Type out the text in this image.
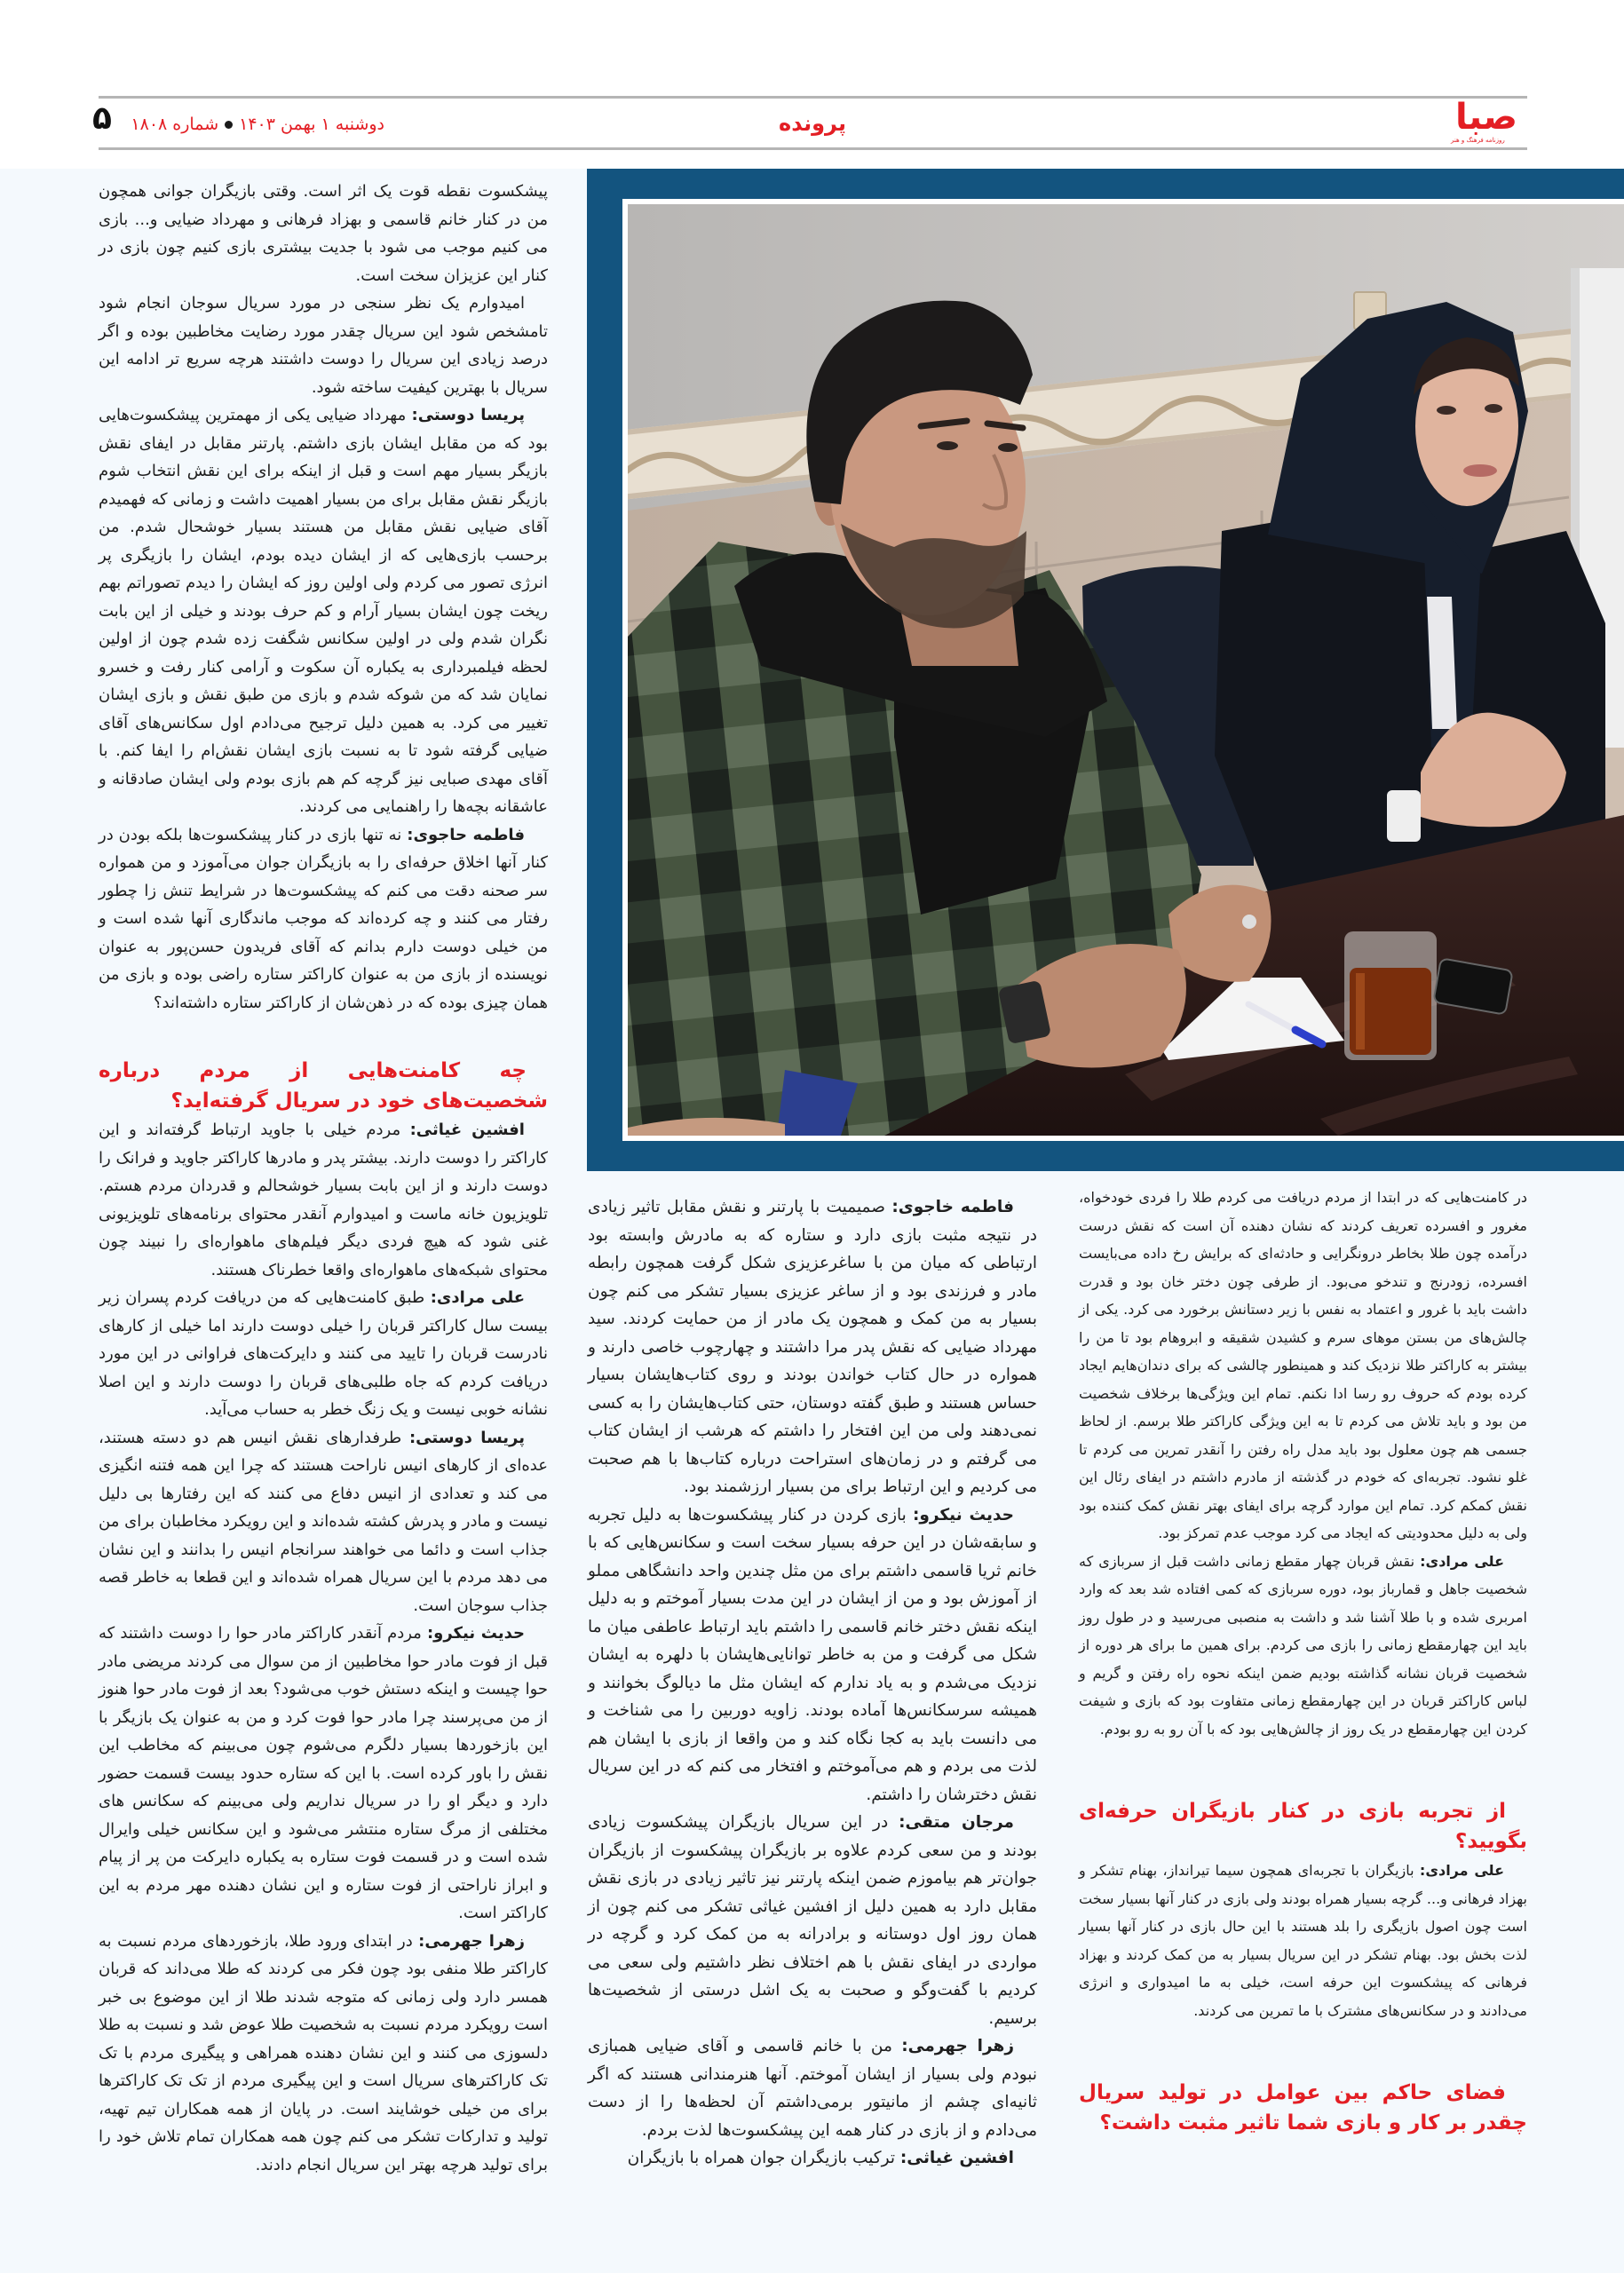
صبا
روزنامه فرهنگ و هنر
پرونده
دوشنبه ۱ بهمن ۱۴۰۳شماره ۱۸۰۸
۵

پیشکسوت نقطه قوت یک اثر است. وقتی بازیگران جوانی همچون من در کنار خانم قاسمی و بهزاد فرهانی و مهرداد ضیایی و... بازی می کنیم موجب می شود با جدیت بیشتری بازی کنیم چون بازی در کنار این عزیزان سخت است.

امیدوارم یک نظر سنجی در مورد سریال سوجان انجام شود تامشخص شود این سریال چقدر مورد رضایت مخاطبین بوده و اگر درصد زیادی این سریال را دوست داشتند هرچه سریع تر ادامه این سریال با بهترین کیفیت ساخته شود.

پریسا دوستی: مهرداد ضیایی یکی از مهمترین پیشکسوت‌هایی بود که من مقابل ایشان بازی داشتم. پارتنر مقابل در ایفای نقش بازیگر بسیار مهم است و قبل از اینکه برای این نقش انتخاب شوم بازیگر نقش مقابل برای من بسیار اهمیت داشت و زمانی که فهمیدم آقای ضیایی نقش مقابل من هستند بسیار خوشحال شدم. من برحسب بازی‌هایی که از ایشان دیده بودم، ایشان را بازیگری پر انرژی تصور می کردم ولی اولین روز که ایشان را دیدم تصوراتم بهم ریخت چون ایشان بسیار آرام و کم حرف بودند و خیلی از این بابت نگران شدم ولی در اولین سکانس شگفت زده شدم چون از اولین لحظه فیلمبرداری به یکباره آن سکوت و آرامی کنار رفت و خسرو نمایان شد که من شوکه شدم و بازی من طبق نقش و بازی ایشان تغییر می کرد. به همین دلیل ترجیح می‌دادم اول سکانس‌های آقای ضیایی گرفته شود تا به نسبت بازی ایشان نقش‌ام را ایفا کنم. با آقای مهدی صبایی نیز گرچه کم هم بازی بودم ولی ایشان صادقانه و عاشقانه بچه‌ها را راهنمایی می کردند.

فاطمه حاجوی: نه تنها بازی در کنار پیشکسوت‌ها بلکه بودن در کنار آنها اخلاق حرفه‌ای را به بازیگران جوان می‌آموزد و من همواره سر صحنه دقت می کنم که پیشکسوت‌ها در شرایط تنش زا چطور رفتار می کنند و چه کرده‌اند که موجب ماندگاری آنها شده است و من خیلی دوست دارم بدانم که آقای فریدون حسن‌پور به عنوان نویسنده از بازی من به عنوان کاراکتر ستاره راضی بوده و بازی من همان چیزی بوده که در ذهن‌شان از کاراکتر ستاره داشته‌اند؟

چه کامنت‌هایی از مردم درباره شخصیت‌های خود در سریال گرفته‌اید؟

افشین غیاثی: مردم خیلی با جاوید ارتباط گرفته‌اند و این کاراکتر را دوست دارند. بیشتر پدر و مادرها کاراکتر جاوید و فرانک را دوست دارند و از این بابت بسیار خوشحالم و قدردان مردم هستم. تلویزیون خانه ماست و امیدوارم آنقدر محتوای برنامه‌های تلویزیونی غنی شود که هیچ فردی دیگر فیلم‌های ماهواره‌ای را نبیند چون محتوای شبکه‌های ماهواره‌ای واقعا خطرناک هستند.

علی مرادی: طبق کامنت‌هایی که من دریافت کردم پسران زیر بیست سال کاراکتر قربان را خیلی دوست دارند اما خیلی از کارهای نادرست قربان را تایید می کنند و دایرکت‌های فراوانی در این مورد دریافت کردم که جاه طلبی‌های قربان را دوست دارند و این اصلا نشانه خوبی نیست و یک زنگ خطر به حساب می‌آید.

پریسا دوستی: طرفدارهای نقش انیس هم دو دسته هستند، عده‌ای از کارهای انیس ناراحت هستند که چرا این همه فتنه انگیزی می کند و تعدادی از انیس دفاع می کنند که این رفتارها بی دلیل نیست و مادر و پدرش کشته شده‌اند و این رویکرد مخاطبان برای من جذاب است و دائما می خواهند سرانجام انیس را بدانند و این نشان می دهد مردم با این سریال همراه شده‌اند و این قطعا به خاطر قصه جذاب سوجان است.

حدیث نیکرو: مردم آنقدر کاراکتر مادر حوا را دوست داشتند که قبل از فوت مادر حوا مخاطبین از من سوال می کردند مریضی مادر حوا چیست و اینکه دستش خوب می‌شود؟ بعد از فوت مادر حوا هنوز از من می‌پرسند چرا مادر حوا فوت کرد و من به عنوان یک بازیگر با این بازخوردها بسیار دلگرم می‌شوم چون می‌بینم که مخاطب این نقش را باور کرده است. با این که ستاره حدود بیست قسمت حضور دارد و دیگر او را در سریال نداریم ولی می‌بینم که سکانس های مختلفی از مرگ ستاره منتشر می‌شود و این سکانس خیلی وایرال شده است و در قسمت فوت ستاره به یکباره دایرکت من پر از پیام و ابراز ناراحتی از فوت ستاره و این نشان دهنده مهر مردم به این کاراکتر است.

زهرا جهرمی: در ابتدای ورود طلا، بازخوردهای مردم نسبت به کاراکتر طلا منفی بود چون فکر می کردند که طلا می‌داند که قربان همسر دارد ولی زمانی که متوجه شدند طلا از این موضوع بی خبر است رویکرد مردم نسبت به شخصیت طلا عوض شد و نسبت به طلا دلسوزی می کنند و این نشان دهنده همراهی و پیگیری مردم با تک تک کاراکترهای سریال است و این پیگیری مردم از تک تک کاراکترها برای من خیلی خوشایند است. در پایان از همه همکاران تیم تهیه، تولید و تدارکات تشکر می کنم چون همه همکاران تمام تلاش خود را برای تولید هرچه بهتر این سریال انجام دادند.

فاطمه خاجوی: صمیمیت با پارتنر و نقش مقابل تاثیر زیادی در نتیجه مثبت بازی دارد و ستاره که به مادرش وابسته بود ارتباطی که میان من با ساغرعزیزی شکل گرفت همچون رابطه مادر و فرزندی بود و از ساغر عزیزی بسیار تشکر می کنم چون بسیار به من کمک و همچون یک مادر از من حمایت کردند. سید مهرداد ضیایی که نقش پدر مرا داشتند و چهارچوب خاصی دارند و همواره در حال کتاب خواندن بودند و روی کتاب‌هایشان بسیار حساس هستند و طبق گفته دوستان، حتی کتاب‌هایشان را به کسی نمی‌دهند ولی من این افتخار را داشتم که هرشب از ایشان کتاب می گرفتم و در زمان‌های استراحت درباره کتاب‌ها با هم صحبت می کردیم و این ارتباط برای من بسیار ارزشمند بود.

حدیث نیکرو: بازی کردن در کنار پیشکسوت‌ها به دلیل تجربه و سابقه‌شان در این حرفه بسیار سخت است و سکانس‌هایی که با خانم ثریا قاسمی داشتم برای من مثل چندین واحد دانشگاهی مملو از آموزش بود و من از ایشان در این مدت بسیار آموختم و به دلیل اینکه نقش دختر خانم قاسمی را داشتم باید ارتباط عاطفی میان ما شکل می گرفت و من به خاطر توانایی‌هایشان با دلهره به ایشان نزدیک می‌شدم و به یاد ندارم که ایشان مثل ما دیالوگ بخوانند و همیشه سرسکانس‌ها آماده بودند. زاویه دوربین را می شناخت و می دانست باید به کجا نگاه کند و من واقعا از بازی با ایشان هم لذت می بردم و هم می‌آموختم و افتخار می کنم که در این سریال نقش دخترشان را داشتم.

مرجان متقی: در این سریال بازیگران پیشکسوت زیادی بودند و من سعی کردم علاوه بر بازیگران پیشکسوت از بازیگران جوان‌تر هم بیاموزم ضمن اینکه پارتنر نیز تاثیر زیادی در بازی نقش مقابل دارد به همین دلیل از افشین غیاثی تشکر می کنم چون از همان روز اول دوستانه و برادرانه به من کمک کرد و گرچه در مواردی در ایفای نقش با هم اختلاف نظر داشتیم ولی سعی می کردیم با گفت‌وگو و صحبت به یک اشل درستی از شخصیت‌ها برسیم.

زهرا جهرمی: من با خانم قاسمی و آقای ضیایی همبازی نبودم ولی بسیار از ایشان آموختم. آنها هنرمندانی هستند که اگر ثانیه‌ای چشم از مانیتور برمی‌داشتم آن لحظه‌ها را از دست می‌دادم و از بازی در کنار همه این پیشکسوت‌ها لذت بردم.

افشین غیاثی: ترکیب بازیگران جوان همراه با بازیگران

در کامنت‌هایی که در ابتدا از مردم دریافت می کردم طلا را فردی خودخواه، مغرور و افسرده تعریف کردند که نشان دهنده آن است که نقش درست درآمده چون طلا بخاطر درونگرایی و حادثه‌ای که برایش رخ داده می‌بایست افسرده، زودرنج و تندخو می‌بود. از طرفی چون دختر خان بود و قدرت داشت باید با غرور و اعتماد به نفس با زیر دستانش برخورد می کرد. یکی از چالش‌های من بستن موهای سرم و کشیدن شقیقه و ابروهام بود تا من را بیشتر به کاراکتر طلا نزدیک کند و همینطور چالشی که برای دندان‌هایم ایجاد کرده بودم که حروف رو رسا ادا نکنم. تمام این ویژگی‌ها برخلاف شخصیت من بود و باید تلاش می کردم تا به این ویژگی کاراکتر طلا برسم. از لحاظ جسمی هم چون معلول بود باید مدل راه رفتن را آنقدر تمرین می کردم تا غلو نشود. تجربه‌ای که خودم در گذشته از مادرم داشتم در ایفای رئال این نقش کمکم کرد. تمام این موارد گرچه برای ایفای بهتر نقش کمک کننده بود ولی به دلیل محدودیتی که ایجاد می کرد موجب عدم تمرکز بود.

علی مرادی: نقش قربان چهار مقطع زمانی داشت قبل از سربازی که شخصیت جاهل و قمارباز بود، دوره سربازی که کمی افتاده شد بعد که وارد امربری شده و با طلا آشنا شد و داشت به منصبی می‌رسید و در طول روز باید این چهارمقطع زمانی را بازی می کردم. برای همین ما برای هر دوره از شخصیت قربان نشانه گذاشته بودیم ضمن اینکه نحوه راه رفتن و گریم و لباس کاراکتر قربان در این چهارمقطع زمانی متفاوت بود که بازی و شیفت کردن این چهارمقطع در یک روز از چالش‌هایی بود که با آن رو به رو بودم.

از تجربه بازی در کنار بازیگران حرفه‌ای بگویید؟

علی مرادی: بازیگران با تجربه‌ای همچون سیما تیرانداز، بهنام تشکر و بهزاد فرهانی و... گرچه بسیار همراه بودند ولی بازی در کنار آنها بسیار سخت است چون اصول بازیگری را بلد هستند با این حال بازی در کنار آنها بسیار لذت بخش بود. بهنام تشکر در این سریال بسیار به من کمک کردند و بهزاد فرهانی که پیشکسوت این حرفه است، خیلی به ما امیدواری و انرژی می‌دادند و در سکانس‌های مشترک با ما تمرین می کردند.

فضای حاکم بین عوامل در تولید سریال چقدر بر کار و بازی شما تاثیر مثبت داشت؟
